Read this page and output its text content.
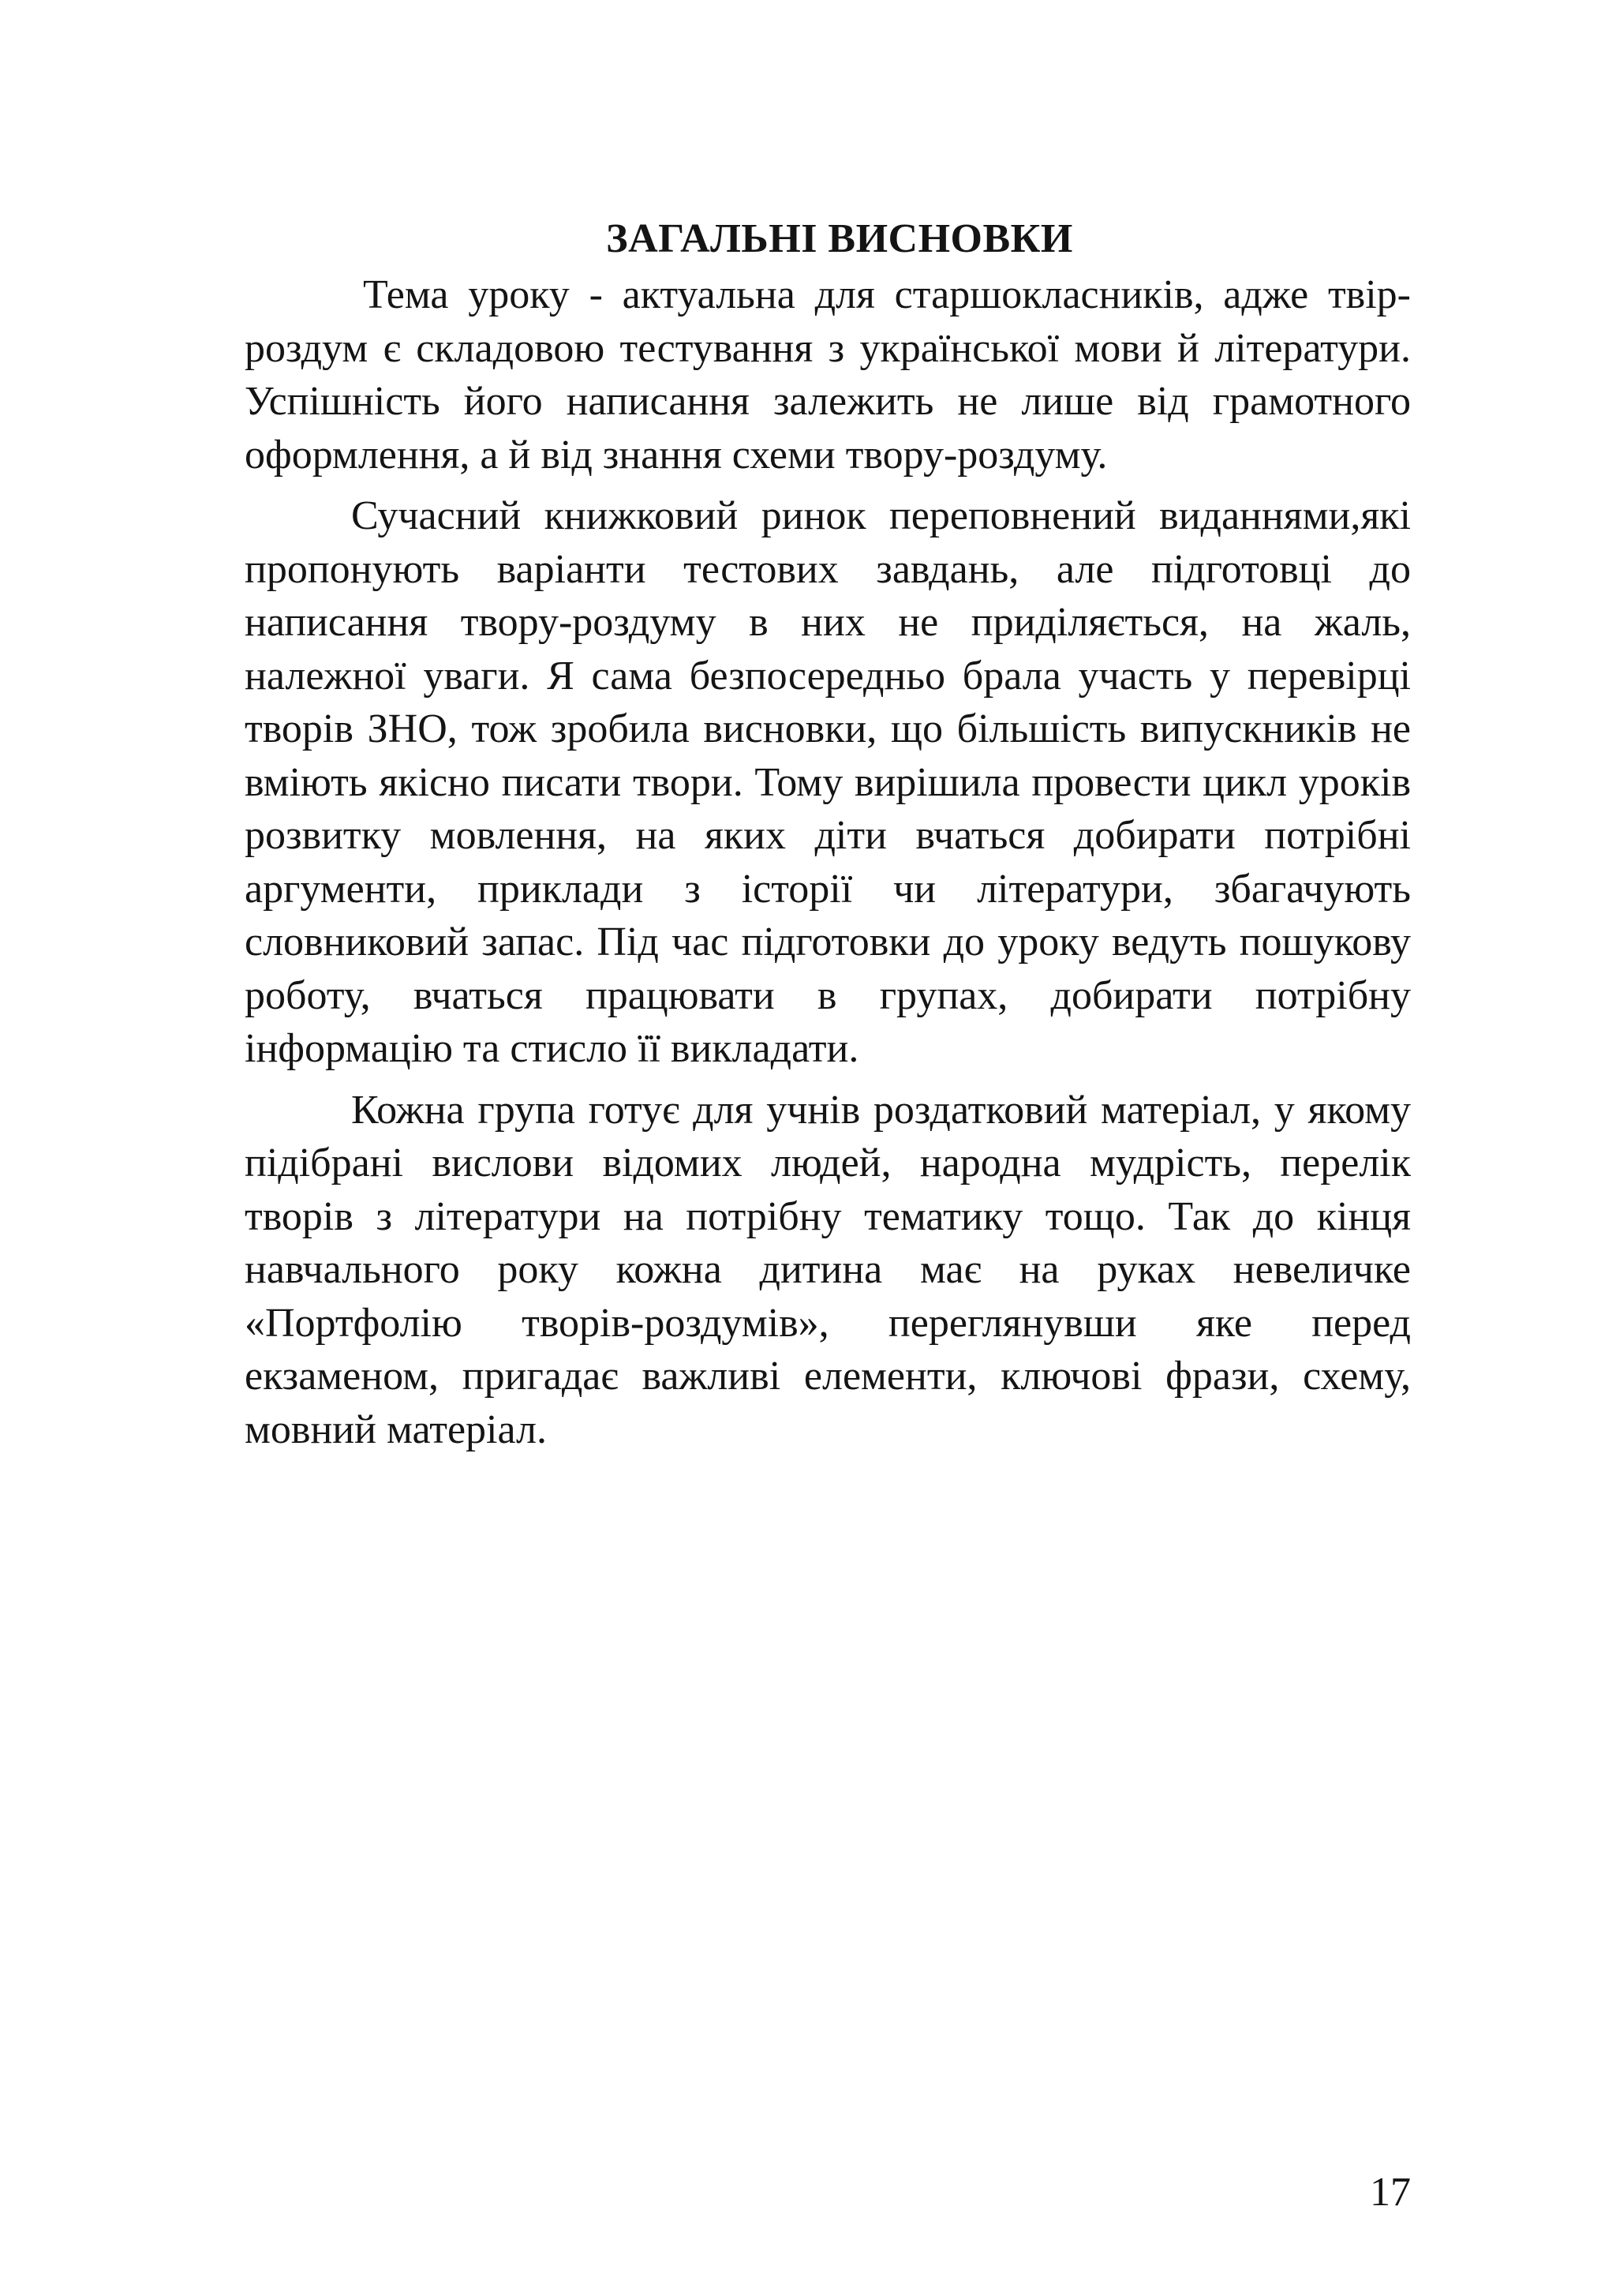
ЗАГАЛЬНІ ВИСНОВКИ

Тема уроку - актуальна для старшокласників, адже твір-роздум є складовою тестування з української мови й літератури. Успішність його написання залежить не лише від грамотного оформлення, а й від знання схеми твору-роздуму.

Сучасний книжковий ринок переповнений виданнями,які пропонують варіанти тестових завдань, але підготовці до написання твору-роздуму в них не приділяється, на жаль, належної уваги. Я сама безпосередньо брала участь у перевірці творів ЗНО, тож зробила висновки, що більшість випускників не вміють якісно писати твори. Тому вирішила провести цикл уроків розвитку мовлення, на яких діти вчаться добирати потрібні аргументи, приклади з історії чи літератури, збагачують словниковий запас. Під час підготовки до уроку ведуть пошукову роботу, вчаться працювати в групах, добирати потрібну інформацію та стисло її викладати.

Кожна група готує для учнів роздатковий матеріал, у якому підібрані вислови відомих людей, народна мудрість, перелік творів з літератури на потрібну тематику тощо. Так до кінця навчального року кожна дитина має на руках невеличке «Портфолію творів-роздумів», переглянувши яке перед екзаменом, пригадає важливі елементи, ключові фрази, схему, мовний матеріал.

17
